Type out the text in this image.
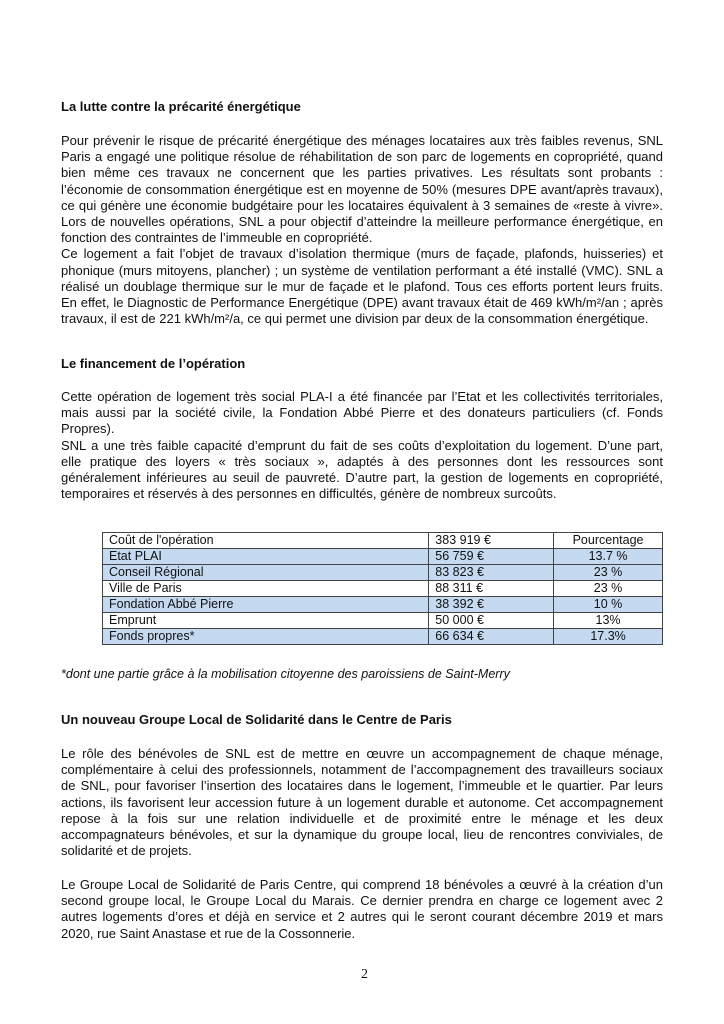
La lutte contre la précarité énergétique
Pour prévenir le risque de précarité énergétique des ménages locataires aux très faibles revenus, SNL
Paris a engagé une politique résolue de réhabilitation de son parc de logements en copropriété, quand
bien même ces travaux ne concernent que les parties privatives. Les résultats sont probants :
l’économie de consommation énergétique est en moyenne de 50% (mesures DPE avant/après travaux),
ce qui génère une économie budgétaire pour les locataires équivalent à 3 semaines de «reste à vivre».
Lors de nouvelles opérations, SNL a pour objectif d’atteindre la meilleure performance énergétique, en
fonction des contraintes de l’immeuble en copropriété.
Ce logement a fait l’objet de travaux d’isolation thermique (murs de façade, plafonds, huisseries) et
phonique (murs mitoyens, plancher) ; un système de ventilation performant a été installé (VMC). SNL a
réalisé un doublage thermique sur le mur de façade et le plafond. Tous ces efforts portent leurs fruits.
En effet, le Diagnostic de Performance Energétique (DPE) avant travaux était de 469 kWh/m²/an ; après
travaux, il est de 221 kWh/m²/a, ce qui permet une division par deux de la consommation énergétique.
Le financement de l’opération
Cette opération de logement très social PLA-I a été financée par l’Etat et les collectivités territoriales,
mais aussi par la société civile, la Fondation Abbé Pierre et des donateurs particuliers (cf. Fonds
Propres).
SNL a une très faible capacité d’emprunt du fait de ses coûts d’exploitation du logement. D’une part,
elle pratique des loyers « très sociaux », adaptés à des personnes dont les ressources sont
généralement inférieures au seuil de pauvreté. D’autre part, la gestion de logements en copropriété,
temporaires et réservés à des personnes en difficultés, génère de nombreux surcoûts.
Coût de l'opération	383 919 €	Pourcentage
Etat PLAI	56 759 €	13.7 %
Conseil Régional	83 823 €	23 %
Ville de Paris	88 311 €	23 %
Fondation Abbé Pierre	38 392 €	10 %
Emprunt	50 000 €	13%
Fonds propres*	66 634 €	17.3%
*dont une partie grâce à la mobilisation citoyenne des paroissiens de Saint-Merry
Un nouveau Groupe Local de Solidarité dans le Centre de Paris
Le rôle des bénévoles de SNL est de mettre en œuvre un accompagnement de chaque ménage,
complémentaire à celui des professionnels, notamment de l’accompagnement des travailleurs sociaux
de SNL, pour favoriser l’insertion des locataires dans le logement, l’immeuble et le quartier. Par leurs
actions, ils favorisent leur accession future à un logement durable et autonome. Cet accompagnement
repose à la fois sur une relation individuelle et de proximité entre le ménage et les deux
accompagnateurs bénévoles, et sur la dynamique du groupe local, lieu de rencontres conviviales, de
solidarité et de projets.
Le Groupe Local de Solidarité de Paris Centre, qui comprend 18 bénévoles a œuvré à la création d’un
second groupe local, le Groupe Local du Marais. Ce dernier prendra en charge ce logement avec 2
autres logements d’ores et déjà en service et 2 autres qui le seront courant décembre 2019 et mars
2020, rue Saint Anastase et rue de la Cossonnerie.
2
